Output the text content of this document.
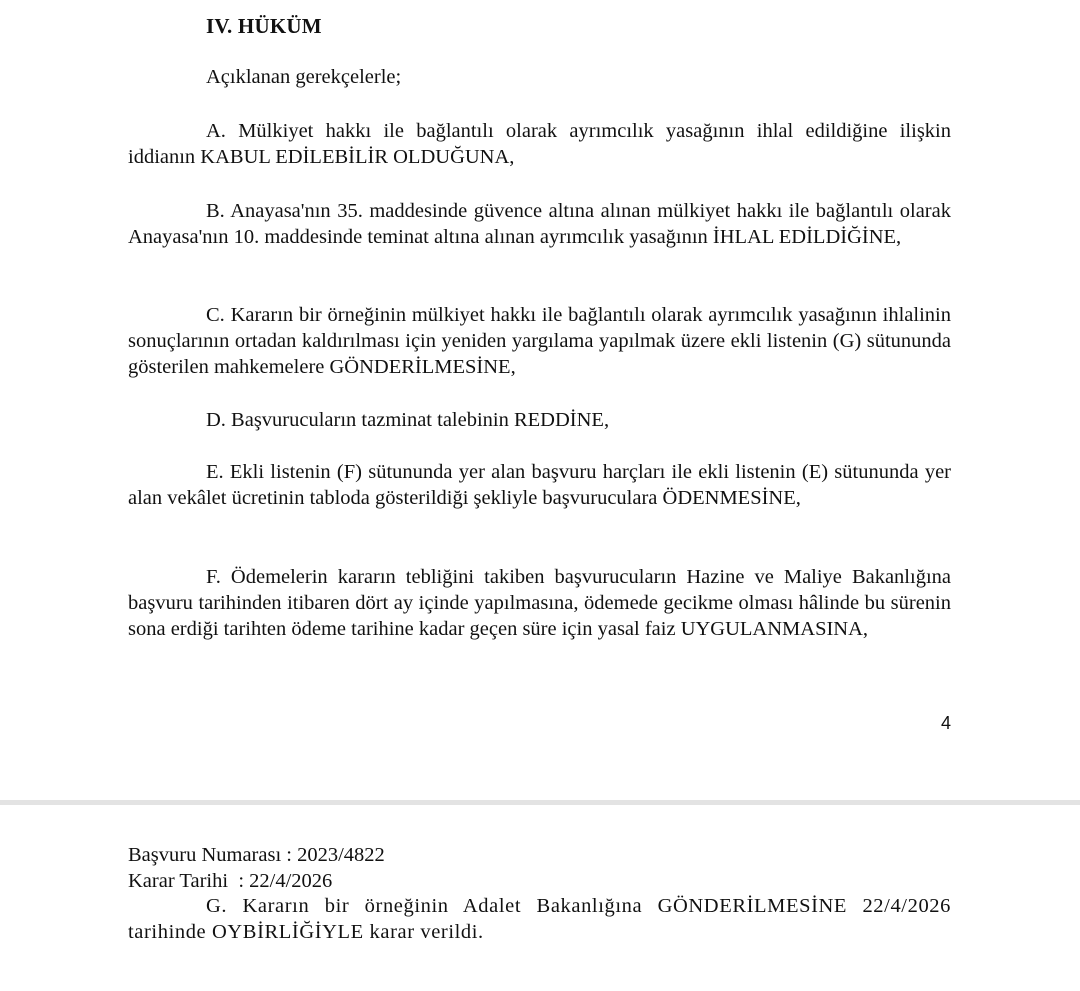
IV. HÜKÜM
Açıklanan gerekçelerle;

A. Mülkiyet hakkı ile bağlantılı olarak ayrımcılık yasağının ihlal edildiğine ilişkin iddianın KABUL EDİLEBİLİR OLDUĞUNA,

B. Anayasa'nın 35. maddesinde güvence altına alınan mülkiyet hakkı ile bağlantılı olarak Anayasa'nın 10. maddesinde teminat altına alınan ayrımcılık yasağının İHLAL EDİLDİĞİNE,

C. Kararın bir örneğinin mülkiyet hakkı ile bağlantılı olarak ayrımcılık yasağının ihlalinin sonuçlarının ortadan kaldırılması için yeniden yargılama yapılmak üzere ekli listenin (G) sütununda gösterilen mahkemelere GÖNDERİLMESİNE,

D. Başvurucuların tazminat talebinin REDDİNE,

E. Ekli listenin (F) sütununda yer alan başvuru harçları ile ekli listenin (E) sütununda yer alan vekâlet ücretinin tabloda gösterildiği şekliyle başvuruculara ÖDENMESİNE,

F. Ödemelerin kararın tebliğini takiben başvurucuların Hazine ve Maliye Bakanlığına başvuru tarihinden itibaren dört ay içinde yapılmasına, ödemede gecikme olması hâlinde bu sürenin sona erdiği tarihten ödeme tarihine kadar geçen süre için yasal faiz UYGULANMASINA,

4
Başvuru Numarası : 2023/4822
Karar Tarihi  : 22/4/2026

G. Kararın bir örneğinin Adalet Bakanlığına GÖNDERİLMESİNE 22/4/2026 tarihinde OYBİRLİĞİYLE karar verildi.
